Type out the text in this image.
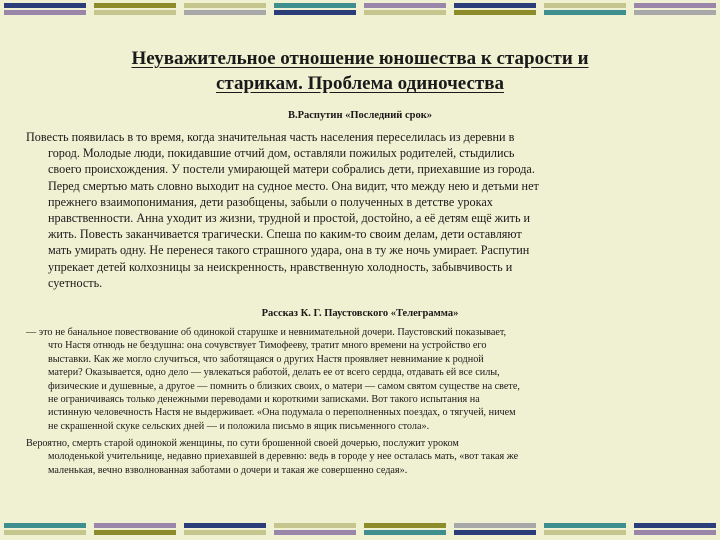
Неуважительное отношение юношества к старости и
старикам. Проблема одиночества
В.Распутин «Последний срок»
Повесть появилась в то время, когда значительная часть населения переселилась из деревни в
город. Молодые люди, покидавшие отчий дом, оставляли пожилых родителей, стыдились
своего происхождения. У постели умирающей матери собрались дети, приехавшие из города.
Перед смертью мать словно выходит на судное место. Она видит, что между нею и детьми нет
прежнего взаимопонимания, дети разобщены, забыли о полученных в детстве уроках
нравственности. Анна уходит из жизни, трудной и простой, достойно, а её детям ещё жить и
жить. Повесть заканчивается трагически. Спеша по каким-то своим делам, дети оставляют
мать умирать одну. Не перенеся такого страшного удара, она в ту же ночь умирает. Распутин
упрекает детей колхозницы за неискренность, нравственную холодность, забывчивость и
суетность.
Рассказ К. Г. Паустовского «Телеграмма»
— это не банальное повествование об одинокой старушке и невнимательной дочери. Паустовский показывает,
что Настя отнюдь не бездушна: она сочувствует Тимофееву, тратит много времени на устройство его
выставки. Как же могло случиться, что заботящаяся о других Настя проявляет невнимание к родной
матери? Оказывается, одно дело — увлекаться работой, делать ее от всего сердца, отдавать ей все силы,
физические и душевные, а другое — помнить о близких своих, о матери — самом святом существе на свете,
не ограничиваясь только денежными переводами и короткими записками. Вот такого испытания на
истинную человечность Настя не выдерживает. «Она подумала о переполненных поездах, о тягучей, ничем
не скрашенной скуке сельских дней — и положила письмо в ящик письменного стола».
Вероятно, смерть старой одинокой женщины, по сути брошенной своей дочерью, послужит уроком
молоденькой учительнице, недавно приехавшей в деревню: ведь в городе у нее осталась мать, «вот такая же
маленькая, вечно взволнованная заботами о дочери и такая же совершенно седая».
